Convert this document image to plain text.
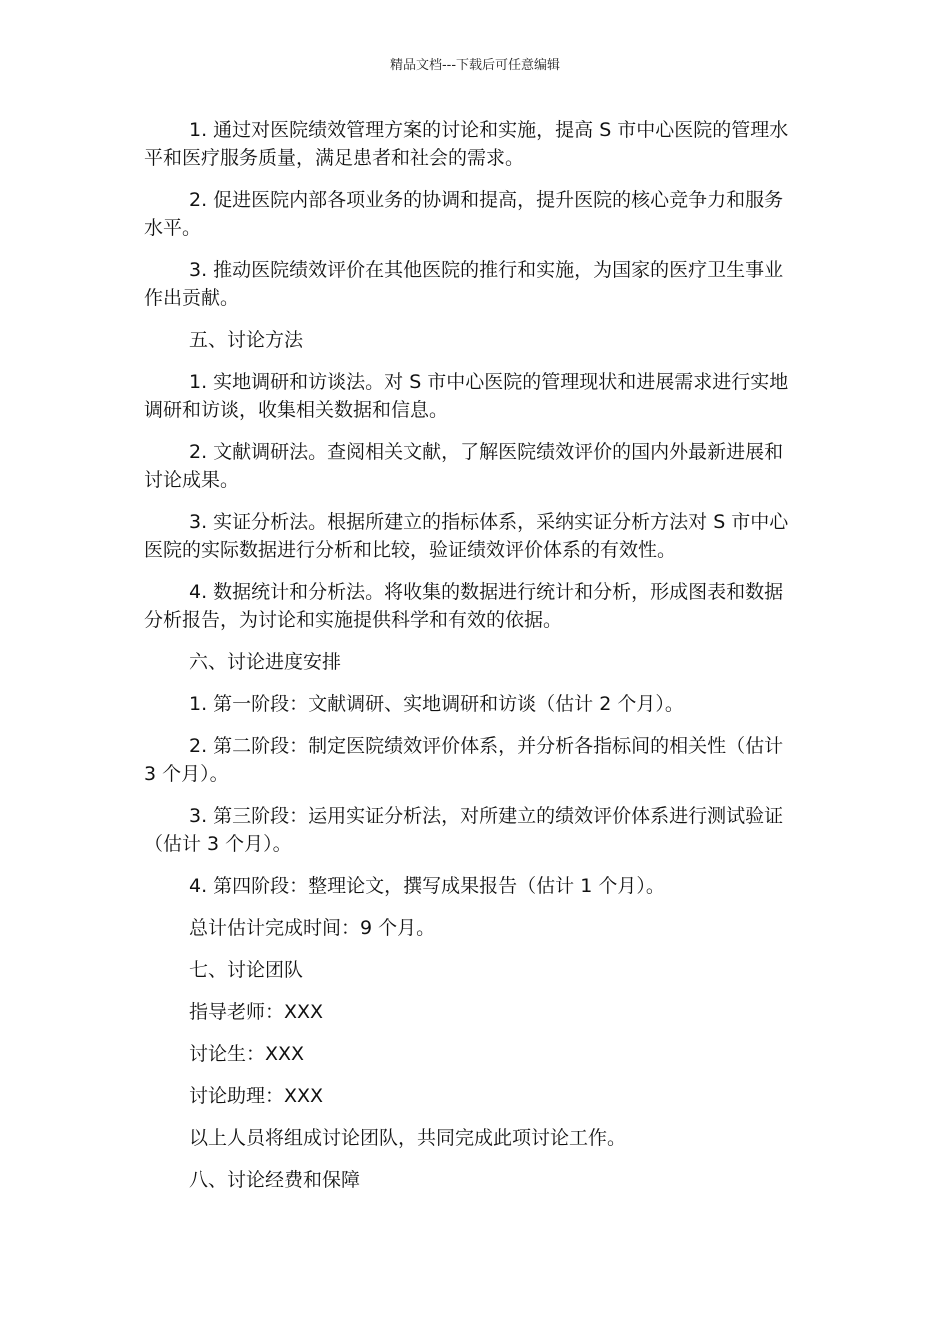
精品文档---下载后可任意编辑

1. 通过对医院绩效管理方案的讨论和实施，提高 S 市中心医院的管理水平和医疗服务质量，满足患者和社会的需求。

2. 促进医院内部各项业务的协调和提高，提升医院的核心竞争力和服务水平。

3. 推动医院绩效评价在其他医院的推行和实施，为国家的医疗卫生事业作出贡献。

五、讨论方法

1. 实地调研和访谈法。对 S 市中心医院的管理现状和进展需求进行实地调研和访谈，收集相关数据和信息。

2. 文献调研法。查阅相关文献，了解医院绩效评价的国内外最新进展和讨论成果。

3. 实证分析法。根据所建立的指标体系，采纳实证分析方法对 S 市中心医院的实际数据进行分析和比较，验证绩效评价体系的有效性。

4. 数据统计和分析法。将收集的数据进行统计和分析，形成图表和数据分析报告，为讨论和实施提供科学和有效的依据。

六、讨论进度安排

1. 第一阶段：文献调研、实地调研和访谈（估计 2 个月）。

2. 第二阶段：制定医院绩效评价体系，并分析各指标间的相关性（估计 3 个月）。

3. 第三阶段：运用实证分析法，对所建立的绩效评价体系进行测试验证（估计 3 个月）。

4. 第四阶段：整理论文，撰写成果报告（估计 1 个月）。

总计估计完成时间：9 个月。

七、讨论团队

指导老师：XXX

讨论生：XXX

讨论助理：XXX

以上人员将组成讨论团队，共同完成此项讨论工作。

八、讨论经费和保障
